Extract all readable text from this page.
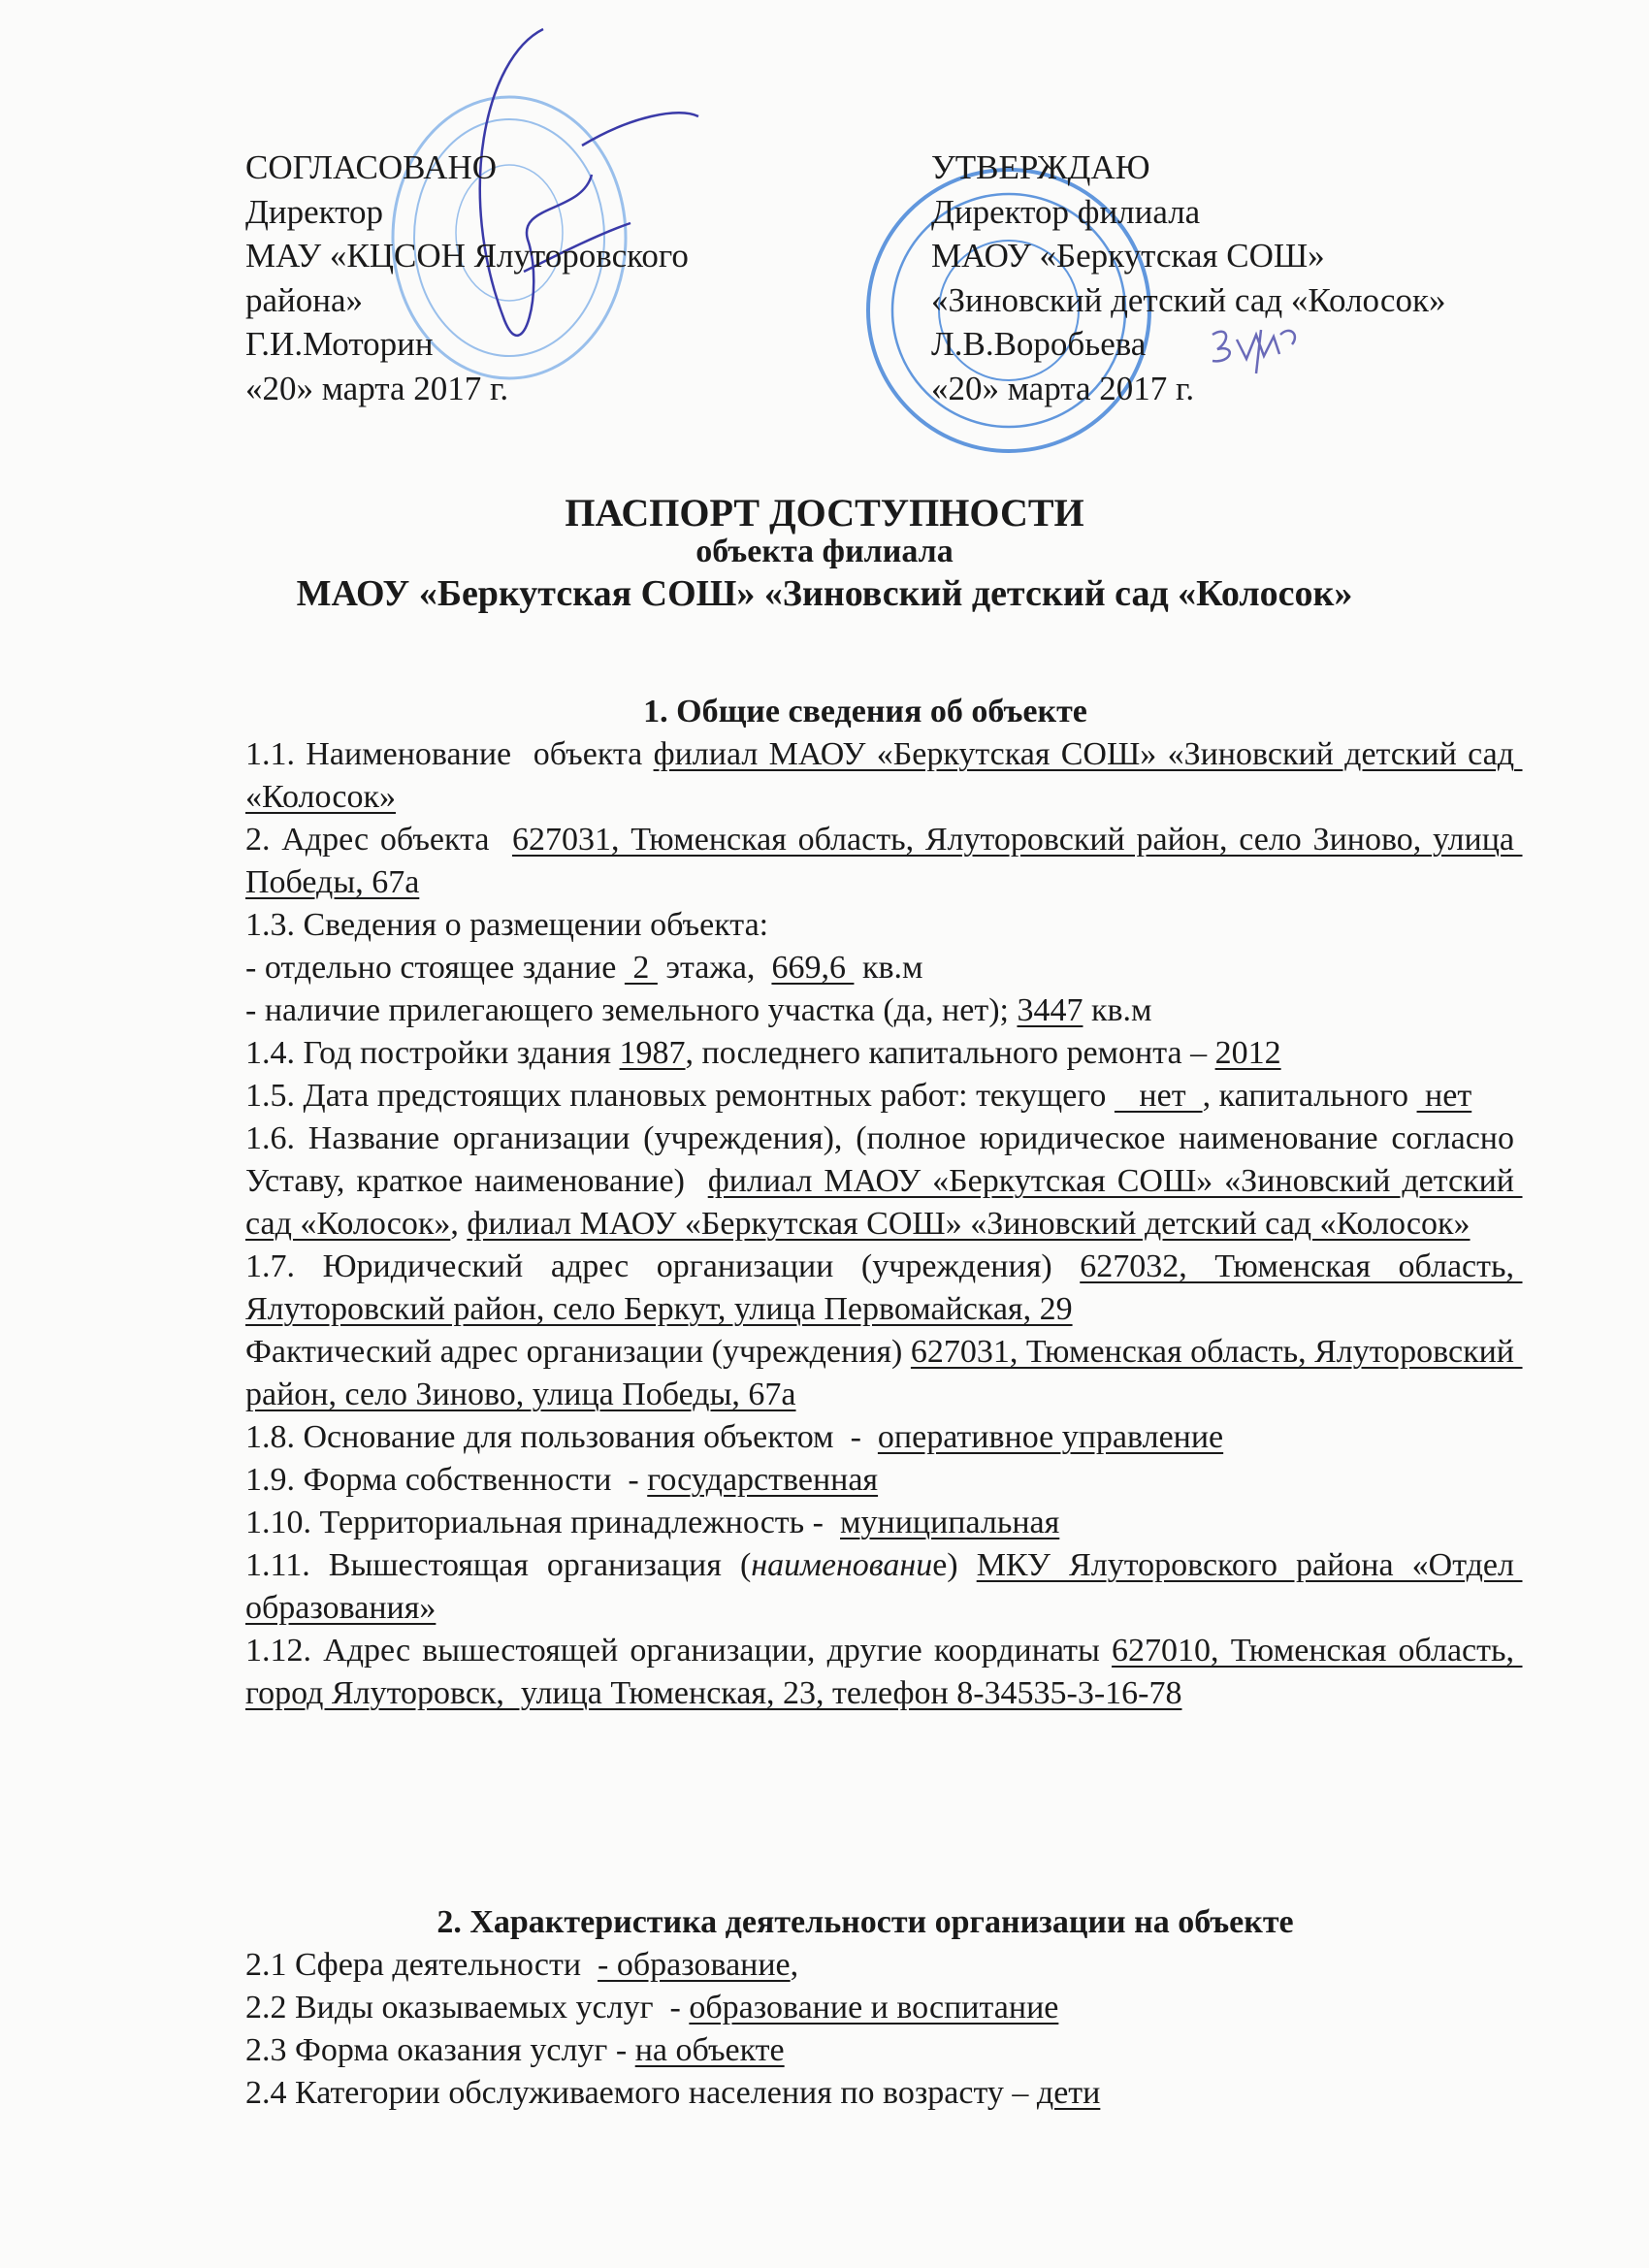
СОГЛАСОВАНО
Директор
МАУ «КЦСОН Ялуторовского
района»
Г.И.Моторин
«20» марта 2017 г.
УТВЕРЖДАЮ
Директор филиала
МАОУ «Беркутская СОШ»
«Зиновский детский сад «Колосок»
Л.В.Воробьева
«20» марта 2017 г.
ПАСПОРТ ДОСТУПНОСТИ
объекта филиала
МАОУ «Беркутская СОШ» «Зиновский детский сад «Колосок»
1. Общие сведения об объекте
1.1. Наименование  объекта филиал МАОУ «Беркутская СОШ» «Зиновский детский сад «Колосок»
2. Адрес объекта  627031, Тюменская область, Ялуторовский район, село Зиново, улица Победы, 67а
1.3. Сведения о размещении объекта:
- отдельно стоящее здание  2  этажа,  669,6  кв.м
- наличие прилегающего земельного участка (да, нет); 3447 кв.м
1.4. Год постройки здания 1987, последнего капитального ремонта – 2012
1.5. Дата предстоящих плановых ремонтных работ: текущего    нет  , капитального  нет
1.6. Название организации (учреждения), (полное юридическое наименование согласно Уставу, краткое наименование)  филиал МАОУ «Беркутская СОШ» «Зиновский детский сад «Колосок», филиал МАОУ «Беркутская СОШ» «Зиновский детский сад «Колосок»
1.7. Юридический адрес организации (учреждения) 627032, Тюменская область, Ялуторовский район, село Беркут, улица Первомайская, 29
Фактический адрес организации (учреждения) 627031, Тюменская область, Ялуторовский район, село Зиново, улица Победы, 67а
1.8. Основание для пользования объектом  -  оперативное управление
1.9. Форма собственности  - государственная
1.10. Территориальная принадлежность -  муниципальная
1.11. Вышестоящая организация (наименование) МКУ Ялуторовского района «Отдел образования»
1.12. Адрес вышестоящей организации, другие координаты 627010, Тюменская область, город Ялуторовск,  улица Тюменская, 23, телефон 8-34535-3-16-78
2. Характеристика деятельности организации на объекте
2.1 Сфера деятельности  - образование,
2.2 Виды оказываемых услуг  - образование и воспитание
2.3 Форма оказания услуг - на объекте
2.4 Категории обслуживаемого населения по возрасту – дети
